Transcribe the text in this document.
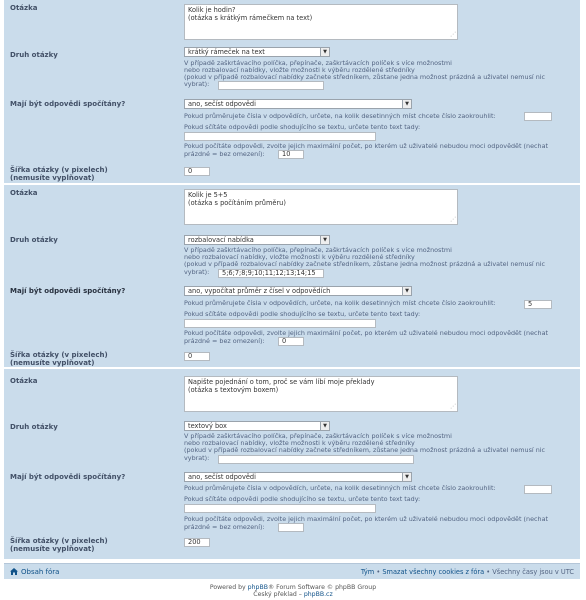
Otázka	Kolik je hodin?
(otázka s krátkým rámečkem na text)
⋰
Druh otázky	krátký rámeček na text	▼
V případě zaškrtávacího políčka, přepínače, zaškrtávacích políček s více možnostmi
nebo rozbalovací nabídky, vložte možnosti k výběru rozdělené středníky
(pokud v případě rozbalovací nabídky začnete středníkem, zůstane jedna možnost prázdná a uživatel nemusí nic
vybrat):
Mají být odpovědi spočítány?	ano, sečíst odpovědi	▼
Pokud průměrujete čísla v odpovědích, určete, na kolik desetinných míst chcete číslo zaokrouhlit:
Pokud sčítáte odpovědi podle shodujícího se textu, určete tento text tady:
Pokud počítáte odpovědi, zvolte jejich maximální počet, po kterém už uživatelé nebudou moci odpovědět (nechat
prázdné = bez omezení):	10
Šířka otázky (v pixelech)
(nemusíte vyplňovat)
0
Otázka	Kolik je 5+5
(otázka s počítáním průměru)
⋰
Druh otázky	rozbalovací nabídka	▼
V případě zaškrtávacího políčka, přepínače, zaškrtávacích políček s více možnostmi
nebo rozbalovací nabídky, vložte možnosti k výběru rozdělené středníky
(pokud v případě rozbalovací nabídky začnete středníkem, zůstane jedna možnost prázdná a uživatel nemusí nic
vybrat):	5;6;7;8;9;10;11;12;13;14;15
Mají být odpovědi spočítány?	ano, vypočítat průměr z čísel v odpovědích	▼
Pokud průměrujete čísla v odpovědích, určete, na kolik desetinných míst chcete číslo zaokrouhlit:	5
Pokud sčítáte odpovědi podle shodujícího se textu, určete tento text tady:
Pokud počítáte odpovědi, zvolte jejich maximální počet, po kterém už uživatelé nebudou moci odpovědět (nechat
prázdné = bez omezení):	0
Šířka otázky (v pixelech)
(nemusíte vyplňovat)
0
Otázka	Napište pojednání o tom, proč se vám líbí moje překlady
(otázka s textovým boxem)
⋰
Druh otázky	textový box	▼
V případě zaškrtávacího políčka, přepínače, zaškrtávacích políček s více možnostmi
nebo rozbalovací nabídky, vložte možnosti k výběru rozdělené středníky
(pokud v případě rozbalovací nabídky začnete středníkem, zůstane jedna možnost prázdná a uživatel nemusí nic
vybrat):
Mají být odpovědi spočítány?	ano, sečíst odpovědi	▼
Pokud průměrujete čísla v odpovědích, určete, na kolik desetinných míst chcete číslo zaokrouhlit:
Pokud sčítáte odpovědi podle shodujícího se textu, určete tento text tady:
Pokud počítáte odpovědi, zvolte jejich maximální počet, po kterém už uživatelé nebudou moci odpovědět (nechat
prázdné = bez omezení):
Šířka otázky (v pixelech)
(nemusíte vyplňovat)
200
Obsah fóra	Tým • Smazat všechny cookies z fóra • Všechny časy jsou v UTC
Powered by phpBB® Forum Software © phpBB Group
Český překlad – phpBB.cz
